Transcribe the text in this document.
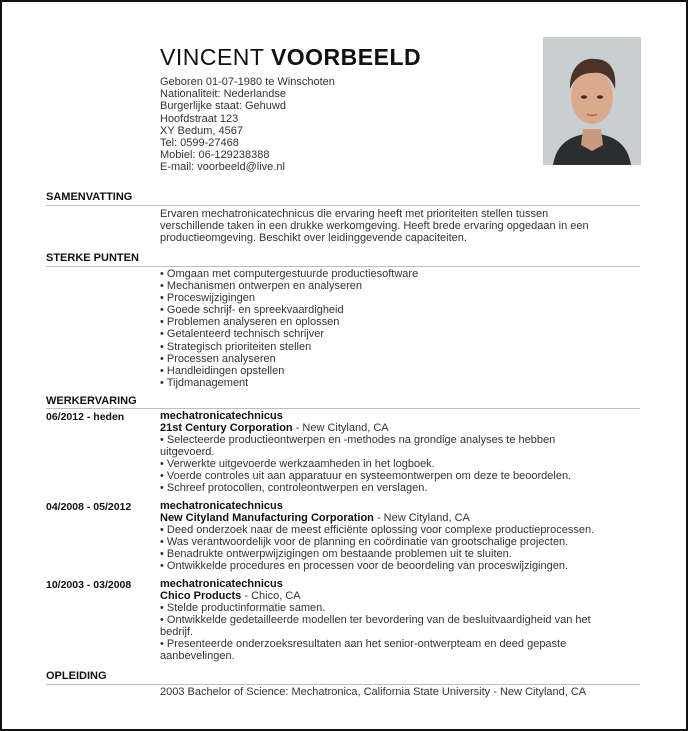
VINCENT VOORBEELD
Geboren 01-07-1980 te Winschoten
Nationaliteit: Nederlandse
Burgerlijke staat: Gehuwd
Hoofdstraat 123
XY Bedum, 4567
Tel: 0599-27468
Mobiel: 06-129238388
E-mail: voorbeeld@live.nl
SAMENVATTING
Ervaren mechatronicatechnicus die ervaring heeft met prioriteiten stellen tussen
verschillende taken in een drukke werkomgeving. Heeft brede ervaring opgedaan in een
productieomgeving. Beschikt over leidinggevende capaciteiten.
STERKE PUNTEN
• Omgaan met computergestuurde productiesoftware
• Mechanismen ontwerpen en analyseren
• Proceswijzigingen
• Goede schrijf- en spreekvaardigheid
• Problemen analyseren en oplossen
• Getalenteerd technisch schrijver
• Strategisch prioriteiten stellen
• Processen analyseren
• Handleidingen opstellen
• Tijdmanagement
WERKERVARING
06/2012 - heden	mechatronicatechnicus
21st Century Corporation - New Cityland, CA
• Selecteerde productieontwerpen en -methodes na grondige analyses te hebben
uitgevoerd.
• Verwerkte uitgevoerde werkzaamheden in het logboek.
• Voerde controles uit aan apparatuur en systeemontwerpen om deze te beoordelen.
• Schreef protocollen, controleontwerpen en verslagen.
04/2008 - 05/2012	mechatronicatechnicus
New Cityland Manufacturing Corporation - New Cityland, CA
• Deed onderzoek naar de meest efficiënte oplossing voor complexe productieprocessen.
• Was verantwoordelijk voor de planning en coördinatie van grootschalige projecten.
• Benadrukte ontwerpwijzigingen om bestaande problemen uit te sluiten.
• Ontwikkelde procedures en processen voor de beoordeling van proceswijzigingen.
10/2003 - 03/2008	mechatronicatechnicus
Chico Products - Chico, CA
• Stelde productinformatie samen.
• Ontwikkelde gedetailleerde modellen ter bevordering van de besluitvaardigheid van het
bedrijf.
• Presenteerde onderzoeksresultaten aan het senior-ontwerpteam en deed gepaste
aanbevelingen.
OPLEIDING
2003 Bachelor of Science: Mechatronica, California State University - New Cityland, CA
